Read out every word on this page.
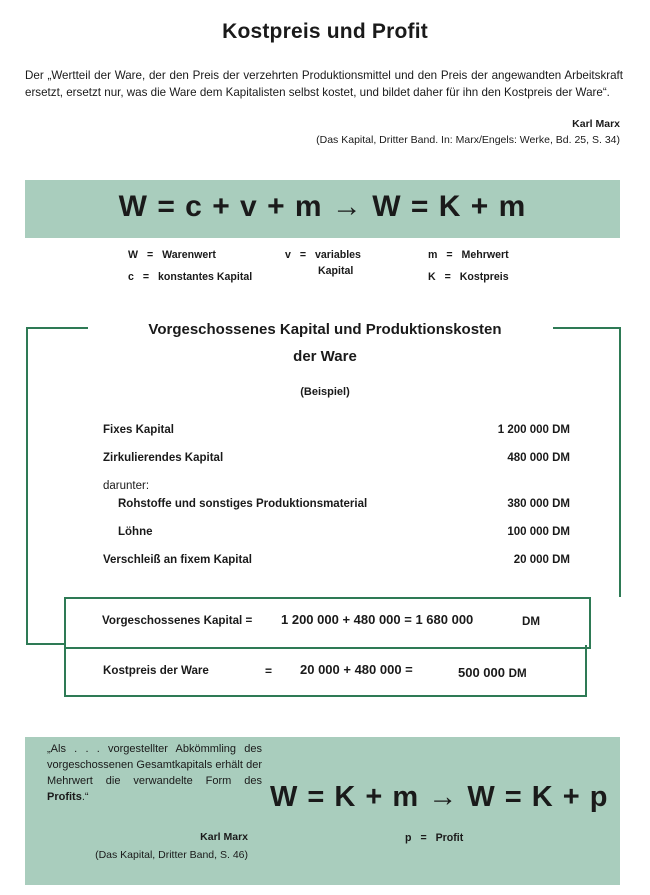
Kostpreis und Profit
Der „Wertteil der Ware, der den Preis der verzehrten Produktionsmittel und den Preis der angewandten Arbeitskraft ersetzt, ersetzt nur, was die Ware dem Kapitalisten selbst kostet, und bildet daher für ihn den Kostpreis der Ware“.
Karl Marx
(Das Kapital, Dritter Band. In: Marx/Engels: Werke, Bd. 25, S. 34)
W = c + v + m → W = K + m
W = Warenwert
c = konstantes Kapital
v = variables
Kapital
m = Mehrwert
K = Kostpreis
Vorgeschossenes Kapital und Produktionskosten
der Ware
(Beispiel)
Fixes Kapital	1 200 000 DM
Zirkulierendes Kapital	480 000 DM
darunter:
Rohstoffe und sonstiges Produktionsmaterial	380 000 DM
Löhne	100 000 DM
Verschleiß an fixem Kapital	20 000 DM
Vorgeschossenes Kapital = 1 200 000 + 480 000 = 1 680 000	DM
Kostpreis der Ware	= 20 000 + 480 000 =	500 000 DM
„Als . . . vorgestellter Abkömmling des vorgeschossenen Gesamtkapitals erhält der Mehrwert die verwandelte Form des Profits.“
Karl Marx
(Das Kapital, Dritter Band, S. 46)
W = K + m → W = K + p
p = Profit
